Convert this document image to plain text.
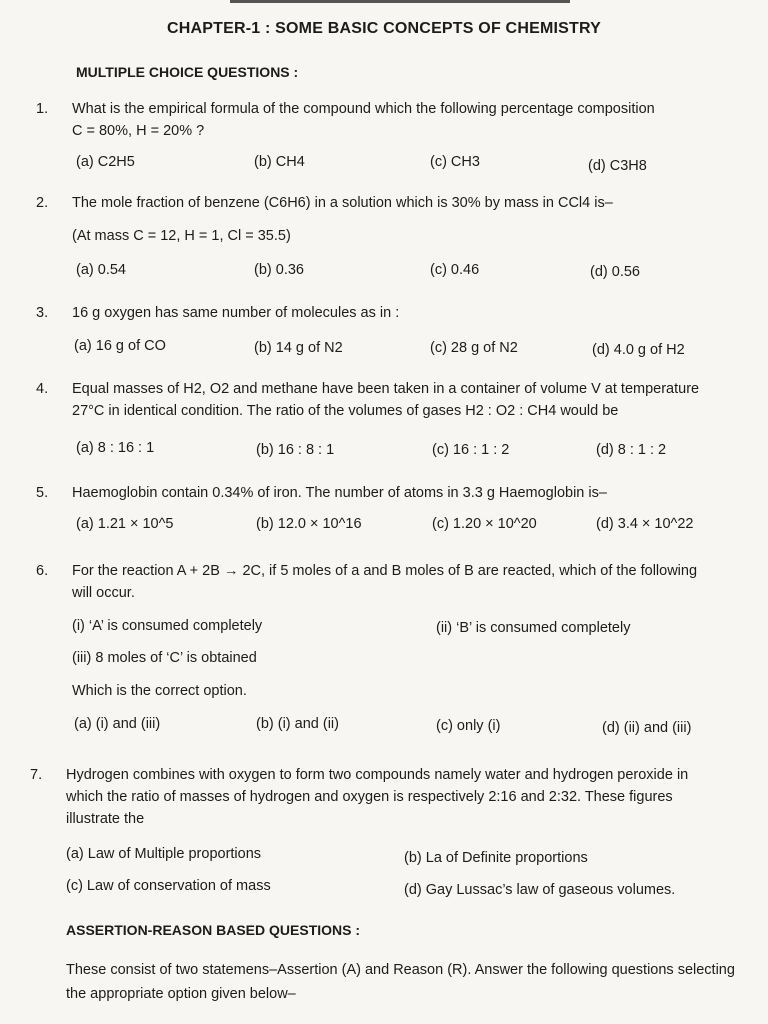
CHAPTER-1 : SOME BASIC CONCEPTS OF CHEMISTRY
MULTIPLE CHOICE QUESTIONS :
1. What is the empirical formula of the compound which the following percentage composition
C = 80%, H = 20% ?
(a) C2H5	(b) CH4	(c) CH3	(d) C3H8
2. The mole fraction of benzene (C6H6) in a solution which is 30% by mass in CCl4 is–
(At mass C = 12, H = 1, Cl = 35.5)
(a) 0.54	(b) 0.36	(c) 0.46	(d) 0.56
3. 16 g oxygen has same number of molecules as in :
(a) 16 g of CO	(b) 14 g of N2	(c) 28 g of N2	(d) 4.0 g of H2
4. Equal masses of H2, O2 and methane have been taken in a container of volume V at temperature
27°C in identical condition. The ratio of the volumes of gases H2 : O2 : CH4 would be
(a) 8 : 16 : 1	(b) 16 : 8 : 1	(c) 16 : 1 : 2	(d) 8 : 1 : 2
5. Haemoglobin contain 0.34% of iron. The number of atoms in 3.3 g Haemoglobin is–
(a) 1.21 × 10^5	(b) 12.0 × 10^16	(c) 1.20 × 10^20	(d) 3.4 × 10^22
6. For the reaction A + 2B → 2C, if 5 moles of a and B moles of B are reacted, which of the following
will occur.
(i) ‘A’ is consumed completely	(ii) ‘B’ is consumed completely
(iii) 8 moles of ‘C’ is obtained
Which is the correct option.
(a) (i) and (iii)	(b) (i) and (ii)	(c) only (i)	(d) (ii) and (iii)
7. Hydrogen combines with oxygen to form two compounds namely water and hydrogen peroxide in
which the ratio of masses of hydrogen and oxygen is respectively 2:16 and 2:32. These figures
illustrate the
(a) Law of Multiple proportions	(b) La of Definite proportions
(c) Law of conservation of mass	(d) Gay Lussac’s law of gaseous volumes.
ASSERTION-REASON BASED QUESTIONS :
These consist of two statemens–Assertion (A) and Reason (R). Answer the following questions selecting the appropriate option given below–
